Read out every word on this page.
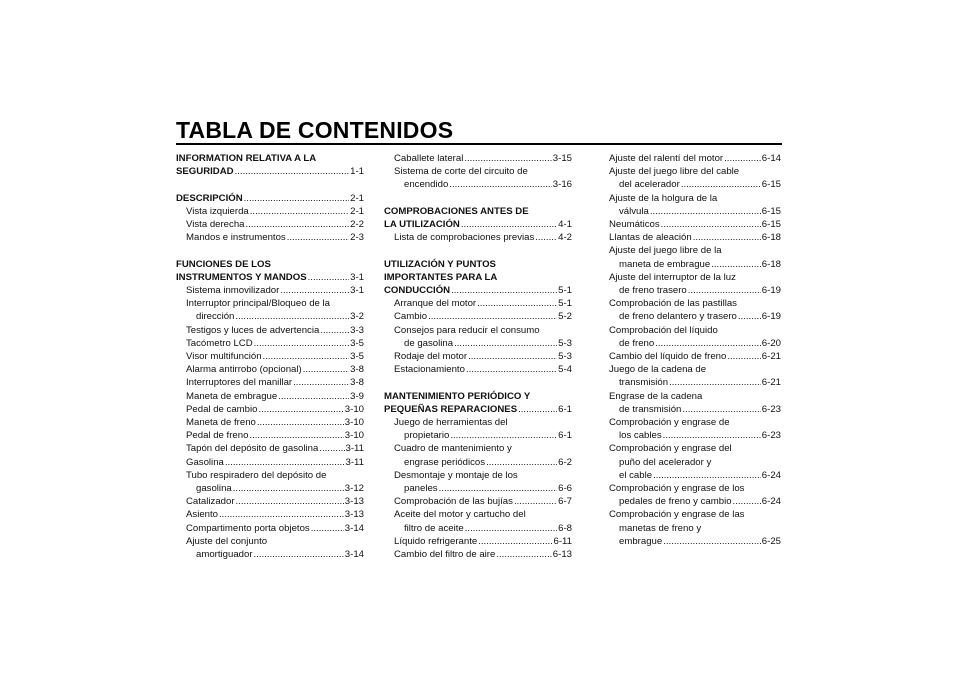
TABLA DE CONTENIDOS
INFORMATION RELATIVA A LA
SEGURIDAD .....	1-1
DESCRIPCIÓN .....	2-1
Vista izquierda .....	2-1
Vista derecha .....	2-2
Mandos e instrumentos .....	2-3
FUNCIONES DE LOS
INSTRUMENTOS Y MANDOS .....	3-1
Sistema inmovilizador .....	3-1
Interruptor principal/Bloqueo de la
dirección .....	3-2
Testigos y luces de advertencia .....	3-3
Tacómetro LCD .....	3-5
Visor multifunción .....	3-5
Alarma antirrobo (opcional) .....	3-8
Interruptores del manillar .....	3-8
Maneta de embrague .....	3-9
Pedal de cambio .....	3-10
Maneta de freno .....	3-10
Pedal de freno .....	3-10
Tapón del depósito de gasolina .....	3-11
Gasolina .....	3-11
Tubo respiradero del depósito de
gasolina .....	3-12
Catalizador .....	3-13
Asiento .....	3-13
Compartimento porta objetos .....	3-14
Ajuste del conjunto
amortiguador .....	3-14
Caballete lateral .....	3-15
Sistema de corte del circuito de
encendido .....	3-16
COMPROBACIONES ANTES DE
LA UTILIZACIÓN .....	4-1
Lista de comprobaciones previas ..... 4-2
UTILIZACIÓN Y PUNTOS
IMPORTANTES PARA LA
CONDUCCIÓN .....	5-1
Arranque del motor .....	5-1
Cambio .....	5-2
Consejos para reducir el consumo
de gasolina .....	5-3
Rodaje del motor .....	5-3
Estacionamiento .....	5-4
MANTENIMIENTO PERIÓDICO Y
PEQUEÑAS REPARACIONES .....	6-1
Juego de herramientas del
propietario .....	6-1
Cuadro de mantenimiento y
engrase periódicos .....	6-2
Desmontaje y montaje de los
paneles .....	6-6
Comprobación de las bujías .....	6-7
Aceite del motor y cartucho del
filtro de aceite .....	6-8
Líquido refrigerante .....	6-11
Cambio del filtro de aire .....	6-13
Ajuste del ralentí del motor .....	6-14
Ajuste del juego libre del cable
del acelerador .....	6-15
Ajuste de la holgura de la
válvula .....	6-15
Neumáticos .....	6-15
Llantas de aleación .....	6-18
Ajuste del juego libre de la
maneta de embrague .....	6-18
Ajuste del interruptor de la luz
de freno trasero .....	6-19
Comprobación de las pastillas
de freno delantero y trasero .....	6-19
Comprobación del líquido
de freno .....	6-20
Cambio del líquido de freno .....	6-21
Juego de la cadena de
transmisión .....	6-21
Engrase de la cadena
de transmisión .....	6-23
Comprobación y engrase de
los cables .....	6-23
Comprobación y engrase del
puño del acelerador y
el cable .....	6-24
Comprobación y engrase de los
pedales de freno y cambio .....	6-24
Comprobación y engrase de las
manetas de freno y
embrague .....	6-25
